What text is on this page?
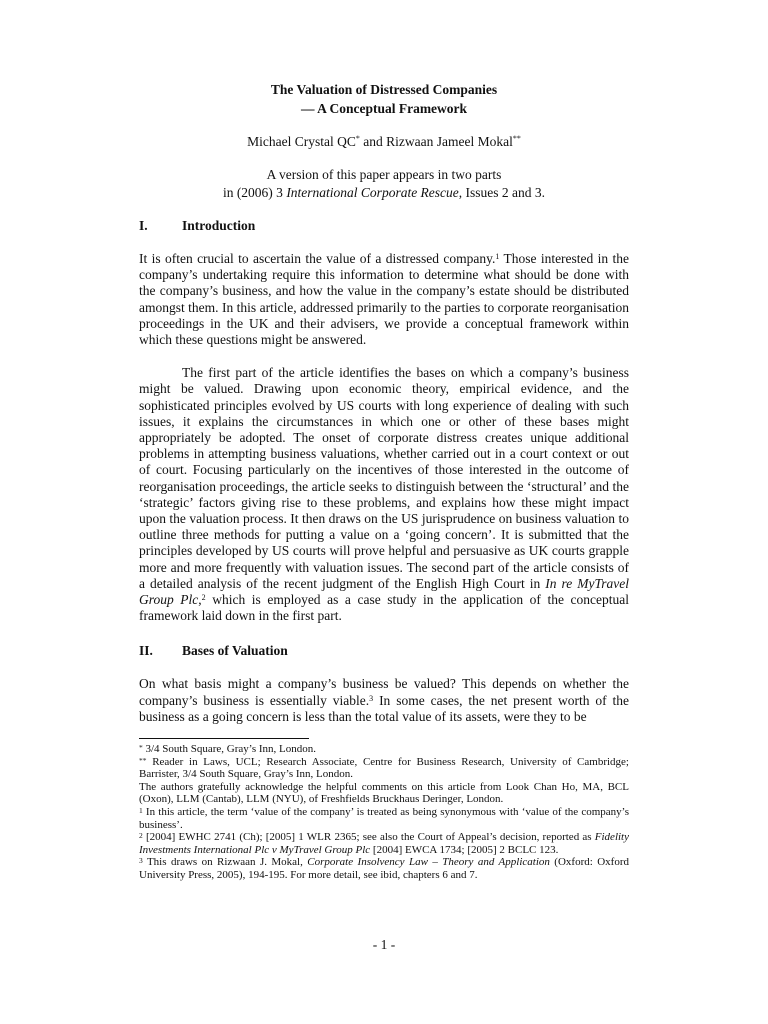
The Valuation of Distressed Companies
— A Conceptual Framework
Michael Crystal QC* and Rizwaan Jameel Mokal**
A version of this paper appears in two parts
in (2006) 3 International Corporate Rescue, Issues 2 and 3.
I.	Introduction

It is often crucial to ascertain the value of a distressed company.$^1$ Those interested in the company’s undertaking require this information to determine what should be done with the company’s business, and how the value in the company’s estate should be distributed amongst them. In this article, addressed primarily to the parties to corporate reorganisation proceedings in the UK and their advisers, we provide a conceptual framework within which these questions might be answered.

The first part of the article identifies the bases on which a company’s business might be valued. Drawing upon economic theory, empirical evidence, and the sophisticated principles evolved by US courts with long experience of dealing with such issues, it explains the circumstances in which one or other of these bases might appropriately be adopted. The onset of corporate distress creates unique additional problems in attempting business valuations, whether carried out in a court context or out of court. Focusing particularly on the incentives of those interested in the outcome of reorganisation proceedings, the article seeks to distinguish between the ‘structural’ and the ‘strategic’ factors giving rise to these problems, and explains how these might impact upon the valuation process. It then draws on the US jurisprudence on business valuation to outline three methods for putting a value on a ‘going concern’. It is submitted that the principles developed by US courts will prove helpful and persuasive as UK courts grapple more and more frequently with valuation issues. The second part of the article consists of a detailed analysis of the recent judgment of the English High Court in In re MyTravel Group Plc,$^2$ which is employed as a case study in the application of the conceptual framework laid down in the first part.

II.	Bases of Valuation

On what basis might a company’s business be valued? This depends on whether the company’s business is essentially viable.$^3$ In some cases, the net present worth of the business as a going concern is less than the total value of its assets, were they to be

* 3/4 South Square, Gray’s Inn, London.

** Reader in Laws, UCL; Research Associate, Centre for Business Research, University of Cambridge; Barrister, 3/4 South Square, Gray’s Inn, London.

The authors gratefully acknowledge the helpful comments on this article from Look Chan Ho, MA, BCL (Oxon), LLM (Cantab), LLM (NYU), of Freshfields Bruckhaus Deringer, London.

$^1$ In this article, the term ‘value of the company’ is treated as being synonymous with ‘value of the company’s business’.

$^2$ [2004] EWHC 2741 (Ch); [2005] 1 WLR 2365; see also the Court of Appeal’s decision, reported as Fidelity Investments International Plc v MyTravel Group Plc [2004] EWCA 1734; [2005] 2 BCLC 123.

$^3$ This draws on Rizwaan J. Mokal, Corporate Insolvency Law – Theory and Application (Oxford: Oxford University Press, 2005), 194-195. For more detail, see ibid, chapters 6 and 7.

- 1 -
